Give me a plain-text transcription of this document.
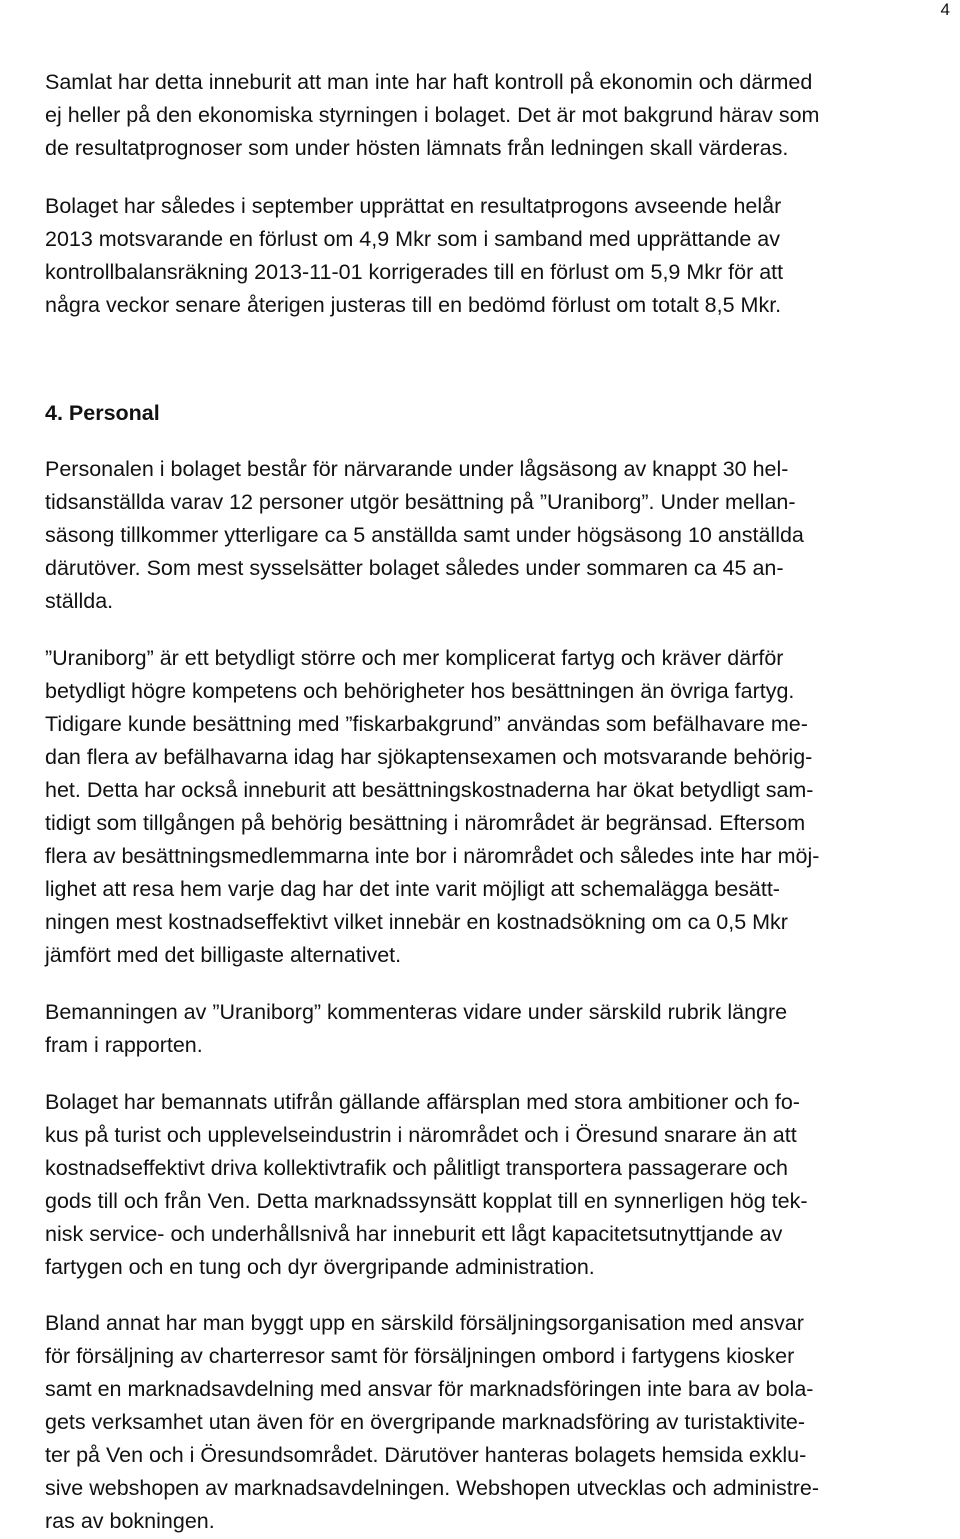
4

Samlat har detta inneburit att man inte har haft kontroll på ekonomin och därmed
ej heller på den ekonomiska styrningen i bolaget. Det är mot bakgrund härav som
de resultatprognoser som under hösten lämnats från ledningen skall värderas.

Bolaget har således i september upprättat en resultatprogons avseende helår
2013 motsvarande en förlust om 4,9 Mkr som i samband med upprättande av
kontrollbalansräkning 2013-11-01 korrigerades till en förlust om 5,9 Mkr för att
några veckor senare återigen justeras till en bedömd förlust om totalt 8,5 Mkr.

4. Personal

Personalen i bolaget består för närvarande under lågsäsong av knappt 30 hel-
tidsanställda varav 12 personer utgör besättning på ”Uraniborg”. Under mellan-
säsong tillkommer ytterligare ca 5 anställda samt under högsäsong 10 anställda
därutöver. Som mest sysselsätter bolaget således under sommaren ca 45 an-
ställda.

”Uraniborg” är ett betydligt större och mer komplicerat fartyg och kräver därför
betydligt högre kompetens och behörigheter hos besättningen än övriga fartyg.
Tidigare kunde besättning med ”fiskarbakgrund” användas som befälhavare me-
dan flera av befälhavarna idag har sjökaptensexamen och motsvarande behörig-
het. Detta har också inneburit att besättningskostnaderna har ökat betydligt sam-
tidigt som tillgången på behörig besättning i närområdet är begränsad. Eftersom
flera av besättningsmedlemmarna inte bor i närområdet och således inte har möj-
lighet att resa hem varje dag har det inte varit möjligt att schemalägga besätt-
ningen mest kostnadseffektivt vilket innebär en kostnadsökning om ca 0,5 Mkr
jämfört med det billigaste alternativet.

Bemanningen av ”Uraniborg” kommenteras vidare under särskild rubrik längre
fram i rapporten.

Bolaget har bemannats utifrån gällande affärsplan med stora ambitioner och fo-
kus på turist och upplevelseindustrin i närområdet och i Öresund snarare än att
kostnadseffektivt driva kollektivtrafik och pålitligt transportera passagerare och
gods till och från Ven. Detta marknadssynsätt kopplat till en synnerligen hög tek-
nisk service- och underhållsnivå har inneburit ett lågt kapacitetsutnyttjande av
fartygen och en tung och dyr övergripande administration.

Bland annat har man byggt upp en särskild försäljningsorganisation med ansvar
för försäljning av charterresor samt för försäljningen ombord i fartygens kiosker
samt en marknadsavdelning med ansvar för marknadsföringen inte bara av bola-
gets verksamhet utan även för en övergripande marknadsföring av turistaktivite-
ter på Ven och i Öresundsområdet. Därutöver hanteras bolagets hemsida exklu-
sive webshopen av marknadsavdelningen. Webshopen utvecklas och administre-
ras av bokningen.
